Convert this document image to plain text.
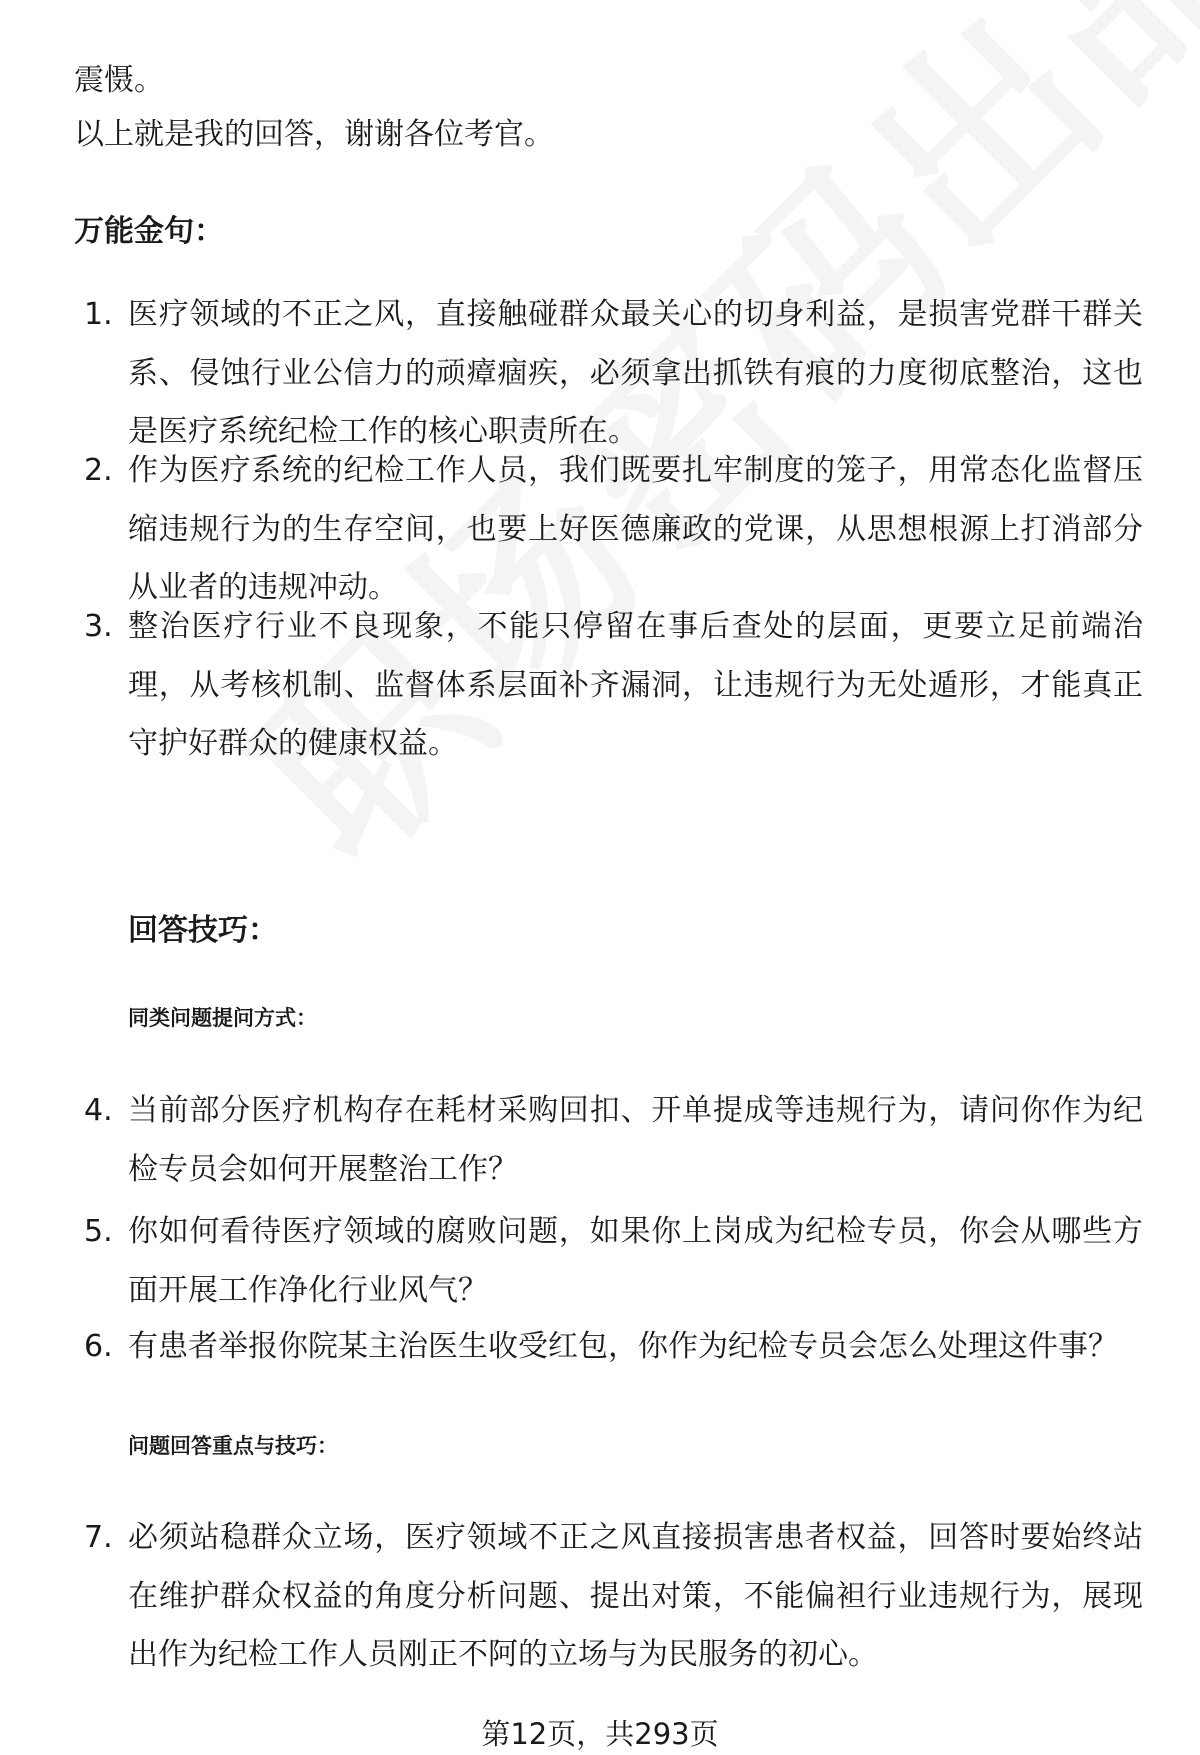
震慑。
以上就是我的回答，谢谢各位考官。
万能金句：
1. 医疗领域的不正之风，直接触碰群众最关心的切身利益，是损害党群干群关系、侵蚀行业公信力的顽瘴痼疾，必须拿出抓铁有痕的力度彻底整治，这也是医疗系统纪检工作的核心职责所在。
2. 作为医疗系统的纪检工作人员，我们既要扎牢制度的笼子，用常态化监督压缩违规行为的生存空间，也要上好医德廉政的党课，从思想根源上打消部分从业者的违规冲动。
3. 整治医疗行业不良现象，不能只停留在事后查处的层面，更要立足前端治理，从考核机制、监督体系层面补齐漏洞，让违规行为无处遁形，才能真正守护好群众的健康权益。
回答技巧：
同类问题提问方式：
4. 当前部分医疗机构存在耗材采购回扣、开单提成等违规行为，请问你作为纪检专员会如何开展整治工作？
5. 你如何看待医疗领域的腐败问题，如果你上岗成为纪检专员，你会从哪些方面开展工作净化行业风气？
6. 有患者举报你院某主治医生收受红包，你作为纪检专员会怎么处理这件事？
问题回答重点与技巧：
7. 必须站稳群众立场，医疗领域不正之风直接损害患者权益，回答时要始终站在维护群众权益的角度分析问题、提出对策，不能偏袒行业违规行为，展现出作为纪检工作人员刚正不阿的立场与为民服务的初心。
第12页，共293页
